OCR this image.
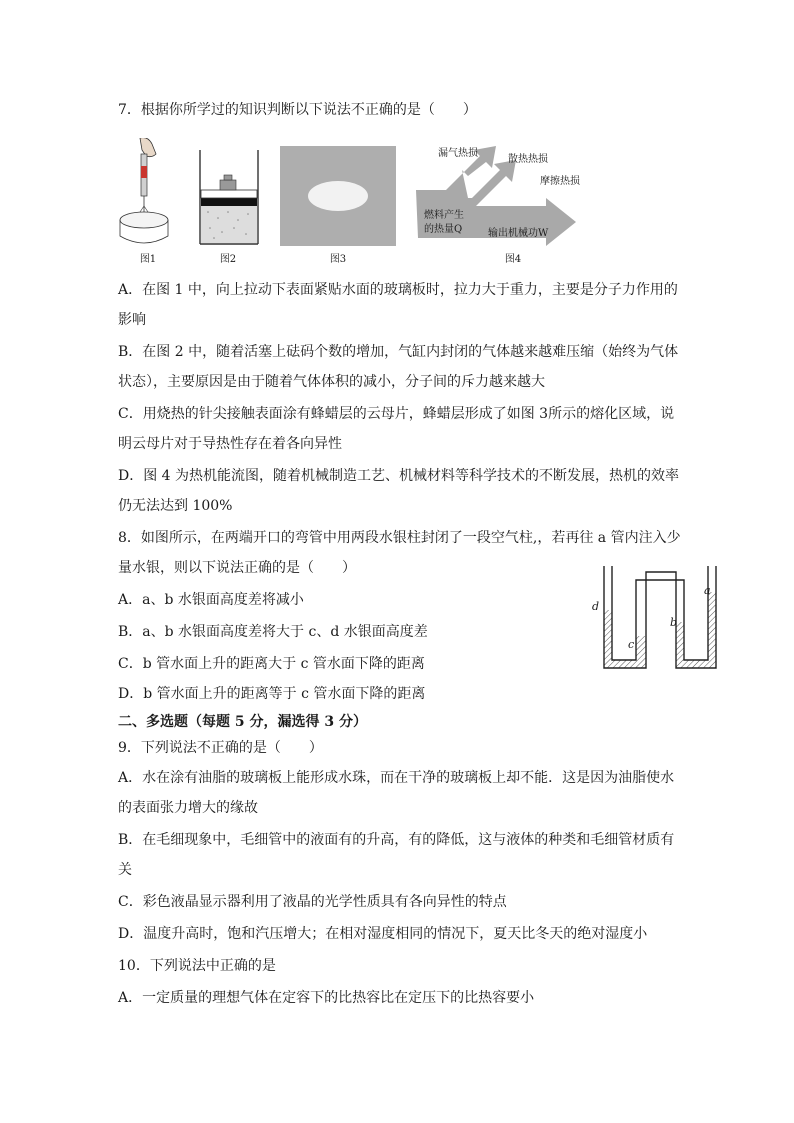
7．根据你所学过的知识判断以下说法不正确的是（　　）
图1	图2	图3
漏气热损
散热热损
摩擦热损
燃料产生
的热量Q	输出机械功W
图4
A．在图 1 中，向上拉动下表面紧贴水面的玻璃板时，拉力大于重力，主要是分子力作用的
影响
B．在图 2 中，随着活塞上砝码个数的增加，气缸内封闭的气体越来越难压缩（始终为气体
状态），主要原因是由于随着气体体积的减小，分子间的斥力越来越大
C．用烧热的针尖接触表面涂有蜂蜡层的云母片，蜂蜡层形成了如图 3所示的熔化区域，说
明云母片对于导热性存在着各向异性
D．图 4 为热机能流图，随着机械制造工艺、机械材料等科学技术的不断发展，热机的效率
仍无法达到 100%
8．如图所示，在两端开口的弯管中用两段水银柱封闭了一段空气柱,，若再往 a 管内注入少
量水银，则以下说法正确的是（　　）
A．a、b 水银面高度差将减小
B．a、b 水银面高度差将大于 c、d 水银面高度差
C．b 管水面上升的距离大于 c 管水面下降的距离
D．b 管水面上升的距离等于 c 管水面下降的距离
d
c
b
a
二、多选题（每题 5 分，漏选得 3 分）
9．下列说法不正确的是（　　）
A．水在涂有油脂的玻璃板上能形成水珠，而在干净的玻璃板上却不能．这是因为油脂使水
的表面张力增大的缘故
B．在毛细现象中，毛细管中的液面有的升高，有的降低，这与液体的种类和毛细管材质有
关
C．彩色液晶显示器利用了液晶的光学性质具有各向异性的特点
D．温度升高时，饱和汽压增大；在相对湿度相同的情况下，夏天比冬天的绝对湿度小
10．下列说法中正确的是
A．一定质量的理想气体在定容下的比热容比在定压下的比热容要小
